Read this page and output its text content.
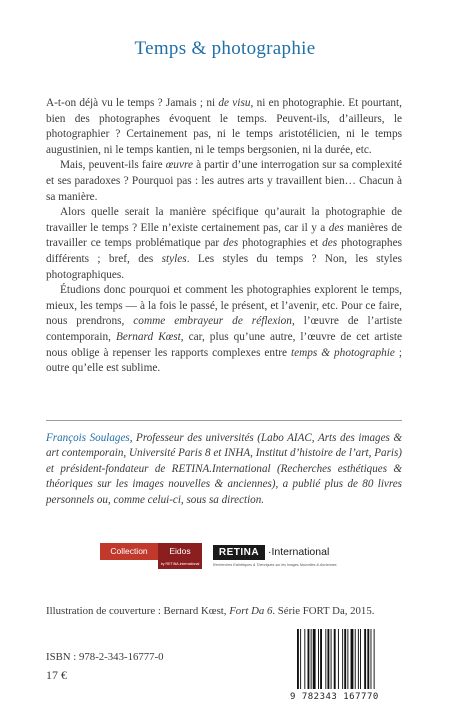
Temps & photographie

A-t-on déjà vu le temps ? Jamais ; ni de visu, ni en photographie. Et pourtant, bien des photographes évoquent le temps. Peuvent-ils, d’ailleurs, le photographier ? Certainement pas, ni le temps aristotélicien, ni le temps augustinien, ni le temps kantien, ni le temps bergsonien, ni la durée, etc.

Mais, peuvent-ils faire œuvre à partir d’une interrogation sur sa complexité et ses paradoxes ? Pourquoi pas : les autres arts y travaillent bien… Chacun à sa manière.

Alors quelle serait la manière spécifique qu’aurait la photographie de travailler le temps ? Elle n’existe certainement pas, car il y a des manières de travailler ce temps problématique par des photographies et des photographes différents ; bref, des styles. Les styles du temps ? Non, les styles photographiques.

Étudions donc pourquoi et comment les photographies explorent le temps, mieux, les temps — à la fois le passé, le présent, et l’avenir, etc. Pour ce faire, nous prendrons, comme embrayeur de réflexion, l’œuvre de l’artiste contemporain, Bernard Kœst, car, plus qu’une autre, l’œuvre de cet artiste nous oblige à repenser les rapports complexes entre temps & photographie ; outre qu’elle est sublime.

François Soulages, Professeur des universités (Labo AIAC, Arts des images & art contemporain, Université Paris 8 et INHA, Institut d’histoire de l’art, Paris) et président-fondateur de RETINA.International (Recherches esthétiques & théoriques sur les images nouvelles & anciennes), a publié plus de 80 livres personnels ou, comme celui-ci, sous sa direction.
Collection	Eidos
by RETINA.international
RETINA ·International
Recherches Esthétiques & Théoriques sur les Images Nouvelles & Anciennes
Illustration de couverture : Bernard Kœst, Fort Da 6. Série FORT Da, 2015.
ISBN : 978-2-343-16777-0
17 €
9 782343 167770
